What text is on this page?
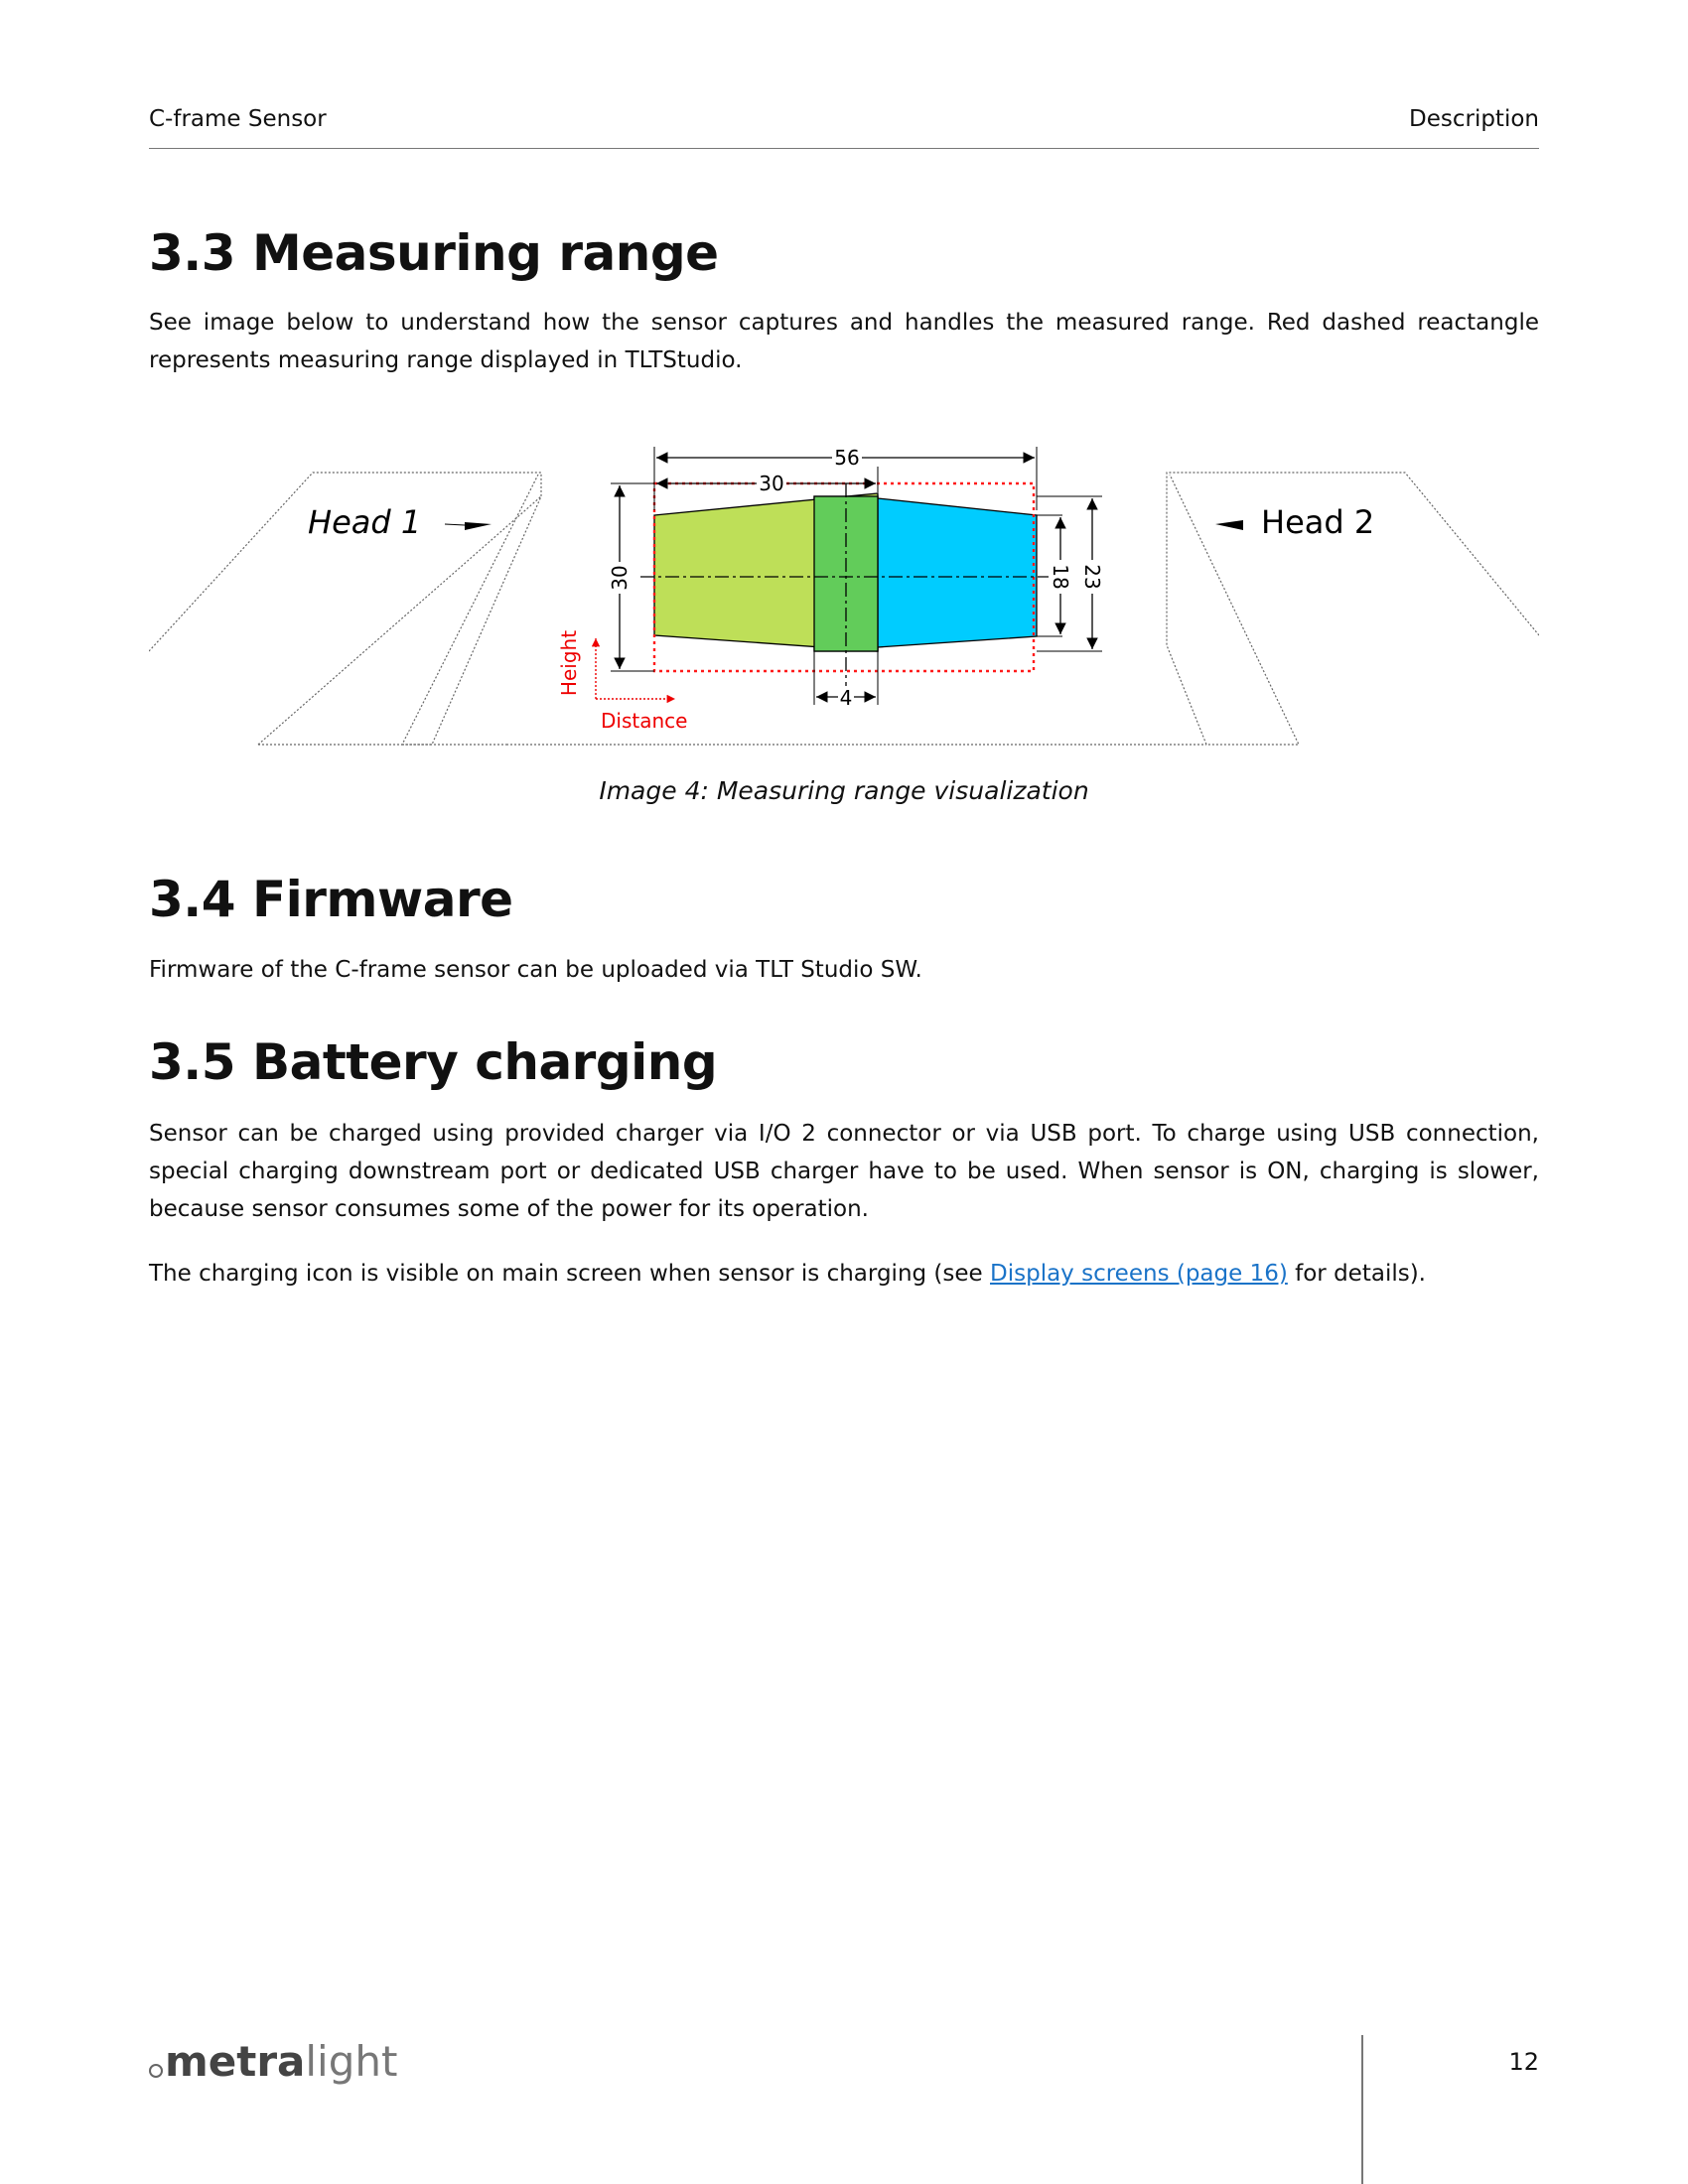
C-frame Sensor	Description
3.3 Measuring range

See image below to understand how the sensor captures and handles the measured range. Red dashed reactangle represents measuring range displayed in TLTStudio.

Head 1	Head 2
56
30
30	18 23
4
Height
Distance
Image 4: Measuring range visualization
3.4 Firmware

Firmware of the C-frame sensor can be uploaded via TLT Studio SW.

3.5 Battery charging

Sensor can be charged using provided charger via I/O 2 connector or via USB port. To charge using USB connection, special charging downstream port or dedicated USB charger have to be used. When sensor is ON, charging is slower, because sensor consumes some of the power for its operation.

The charging icon is visible on main screen when sensor is charging (see Display screens (page 16) for details).

metralight	12
